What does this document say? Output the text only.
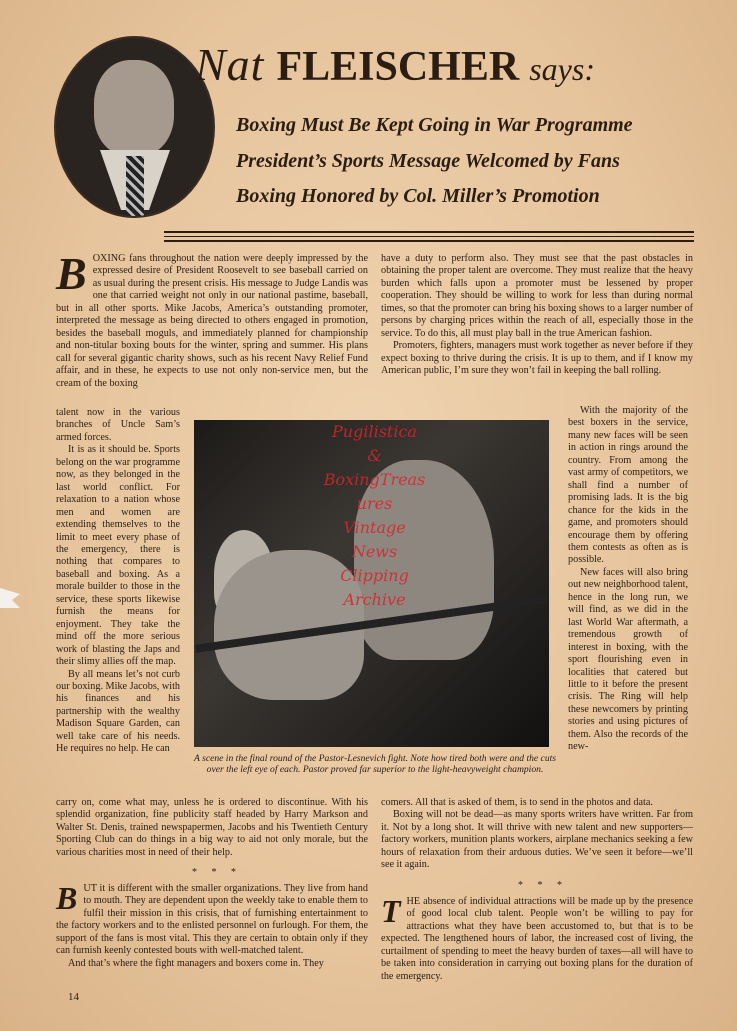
Nat FLEISCHER says:
Boxing Must Be Kept Going in War Programme
President’s Sports Message Welcomed by Fans
Boxing Honored by Col. Miller’s Promotion

BOXING fans throughout the nation were deeply impressed by the expressed desire of President Roosevelt to see baseball carried on as usual during the present crisis. His message to Judge Landis was one that carried weight not only in our national pastime, baseball, but in all other sports. Mike Jacobs, America’s outstanding promoter, interpreted the message as being directed to others engaged in promotion, besides the baseball moguls, and immediately planned for championship and non-titular boxing bouts for the winter, spring and summer. His plans call for several gigantic charity shows, such as his recent Navy Relief Fund affair, and in these, he expects to use not only non-service men, but the cream of the boxing

talent now in the various branches of Uncle Sam’s armed forces.

It is as it should be. Sports belong on the war programme now, as they belonged in the last world conflict. For relaxation to a nation whose men and women are extending themselves to the limit to meet every phase of the emergency, there is nothing that compares to baseball and boxing. As a morale builder to those in the service, these sports likewise furnish the means for enjoyment. They take the mind off the more serious work of blasting the Japs and their slimy allies off the map.

By all means let’s not curb our boxing. Mike Jacobs, with his finances and his partnership with the wealthy Madison Square Garden, can well take care of his needs. He requires no help. He can

carry on, come what may, unless he is ordered to discontinue. With his splendid organization, fine publicity staff headed by Harry Markson and Walter St. Denis, trained newspapermen, Jacobs and his Twentieth Century Sporting Club can do things in a big way to aid not only morale, but the various charities most in need of their help.

* * *

BUT it is different with the smaller organizations. They live from hand to mouth. They are dependent upon the weekly take to enable them to fulfil their mission in this crisis, that of furnishing entertainment to the factory workers and to the enlisted personnel on furlough. For them, the support of the fans is most vital. This they are certain to obtain only if they can furnish keenly contested bouts with well-matched talent.

And that’s where the fight managers and boxers come in. They

have a duty to perform also. They must see that the past obstacles in obtaining the proper talent are overcome. They must realize that the heavy burden which falls upon a promoter must be lessened by proper cooperation. They should be willing to work for less than during normal times, so that the promoter can bring his boxing shows to a larger number of persons by charging prices within the reach of all, especially those in the service. To do this, all must play ball in the true American fashion.

Promoters, fighters, managers must work together as never before if they expect boxing to thrive during the crisis. It is up to them, and if I know my American public, I’m sure they won’t fail in keeping the ball rolling.

With the majority of the best boxers in the service, many new faces will be seen in action in rings around the country. From among the vast army of competitors, we shall find a number of promising lads. It is the big chance for the kids in the game, and promoters should encourage them by offering them contests as often as is possible.

New faces will also bring out new neighborhood talent, hence in the long run, we will find, as we did in the last World War aftermath, a tremendous growth of interest in boxing, with the sport flourishing even in localities that catered but little to it before the present crisis. The Ring will help these newcomers by printing stories and using pictures of them. Also the records of the new-

comers. All that is asked of them, is to send in the photos and data.

Boxing will not be dead—as many sports writers have written. Far from it. Not by a long shot. It will thrive with new talent and new supporters—factory workers, munition plants workers, airplane mechanics seeking a few hours of relaxation from their arduous duties. We’ve seen it before—we’ll see it again.

* * *

THE absence of individual attractions will be made up by the presence of good local club talent. People won’t be willing to pay for attractions what they have been accustomed to, but that is to be expected. The lengthened hours of labor, the increased cost of living, the curtailment of spending to meet the heavy burden of taxes—all will have to be taken into consideration in carrying out boxing plans for the duration of the emergency.

Pugilistica
&
BoxingTreas
ures
Vintage
News
Clipping
Archive
A scene in the final round of the Pastor-Lesnevich fight. Note how tired both were and the cuts over the left eye of each. Pastor proved far superior to the light-heavyweight champion.
14
